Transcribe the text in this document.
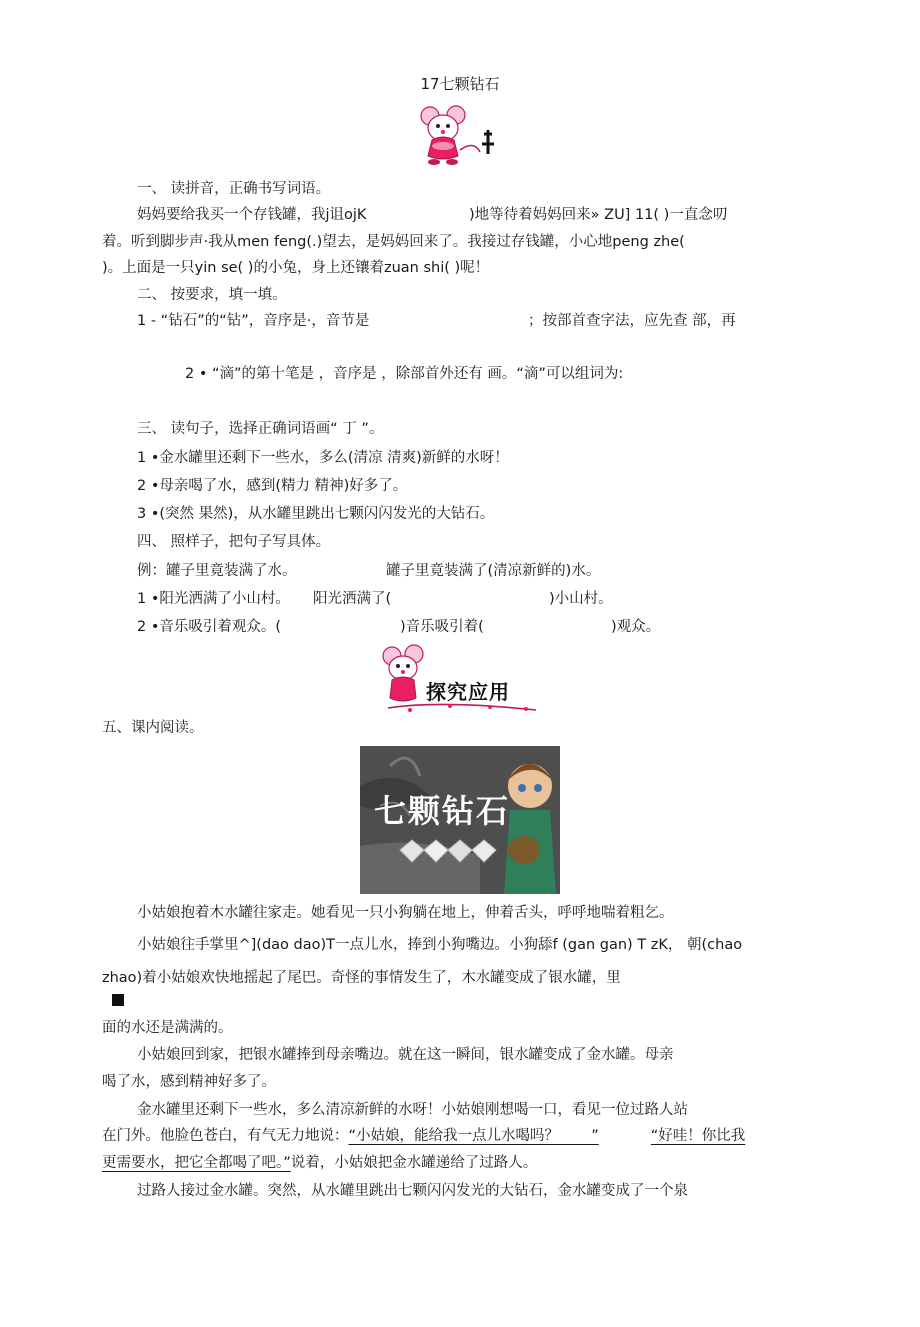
17七颗钻石
一、 读拼音，正确书写词语。
妈妈要给我买一个存钱罐，我j诅ojK	)地等待着妈妈回来» ZU] 11( )一直念叨
着。听到脚步声·我从men feng(.)望去，是妈妈回来了。我接过存钱罐，小心地peng zhe(
)。上面是一只yin se( )的小兔，身上还镶着zuan shi( )呢！
二、 按要求，填一填。
1 - “钻石”的“钻”，音序是·，音节是	；按部首查字法，应先查 部，再
2 • “滴”的第十笔是 ，音序是 ，除部首外还有 画。“滴”可以组词为:
三、 读句子，选择正确词语画“ 丁 ”。
1 •金水罐里还剩下一些水，多么(清凉 清爽)新鲜的水呀！
2 •母亲喝了水，感到(精力 精神)好多了。
3 •(突然 果然)，从水罐里跳出七颗闪闪发光的大钻石。
四、 照样子，把句子写具体。
例：罐子里竟装满了水。	罐子里竟装满了(清凉新鲜的)水。
1 •阳光洒满了小山村。 阳光洒满了(	)小山村。
2 •音乐吸引着观众。(	)音乐吸引着(	)观众。
探究应用
五、课内阅读。
七颗钻石
小姑娘抱着木水罐往家走。她看见一只小狗躺在地上，伸着舌头，呼呼地喘着粗乞。
小姑娘往手掌里^](dao dao)T一点儿水，捧到小狗嘴边。小狗舔f (gan gan) T zK， 朝(chao
zhao)着小姑娘欢快地摇起了尾巴。奇怪的事情发生了，木水罐变成了银水罐，里
面的水还是满满的。
小姑娘回到家，把银水罐捧到母亲嘴边。就在这一瞬间，银水罐变成了金水罐。母亲
喝了水，感到精神好多了。
金水罐里还剩下一些水，多么清凉新鲜的水呀！小姑娘刚想喝一口，看见一位过路人站
在门外。他脸色苍白，有气无力地说：“小姑娘，能给我一点儿水喝吗？       ”	“好哇！你比我
更需要水，把它全都喝了吧。”说着，小姑娘把金水罐递给了过路人。
过路人接过金水罐。突然，从水罐里跳出七颗闪闪发光的大钻石，金水罐变成了一个泉
